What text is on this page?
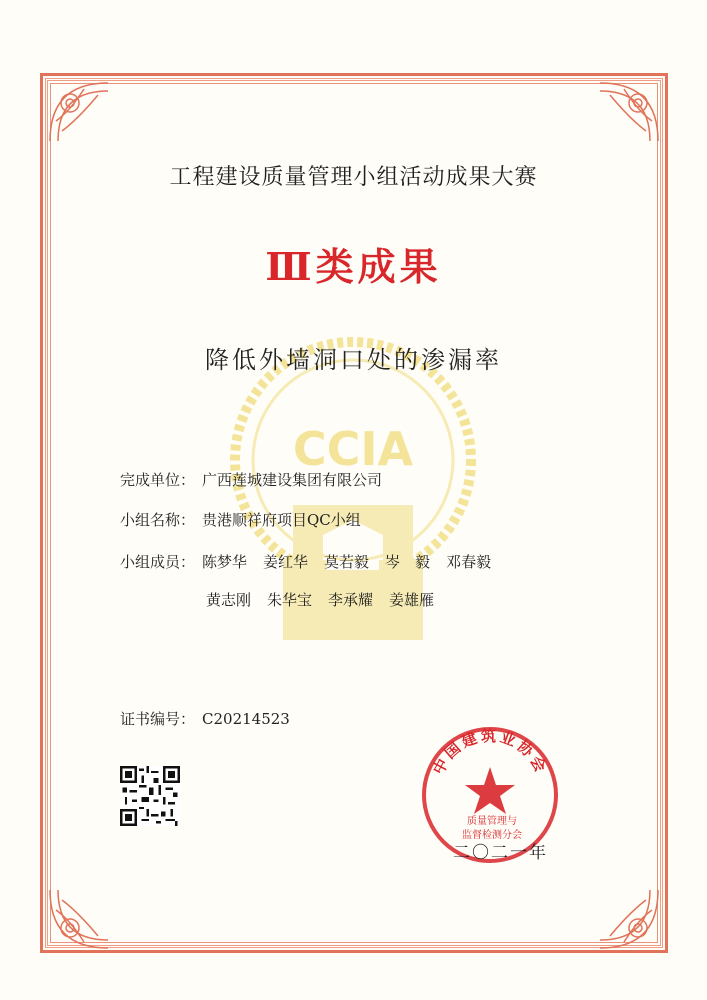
CCIA
工程建设质量管理小组活动成果大赛
Ⅲ类成果
降低外墙洞口处的渗漏率
完成单位： 广西莲城建设集团有限公司
小组名称： 贵港顺祥府项目QC小组
小组成员： 陈梦华 姜红华 莫若毅 岑　毅 邓春毅
黄志刚 朱华宝 李承耀 姜雄雁
证书编号： C20214523
中国建筑业协会
质量管理与
监督检测分会
二〇二一年
